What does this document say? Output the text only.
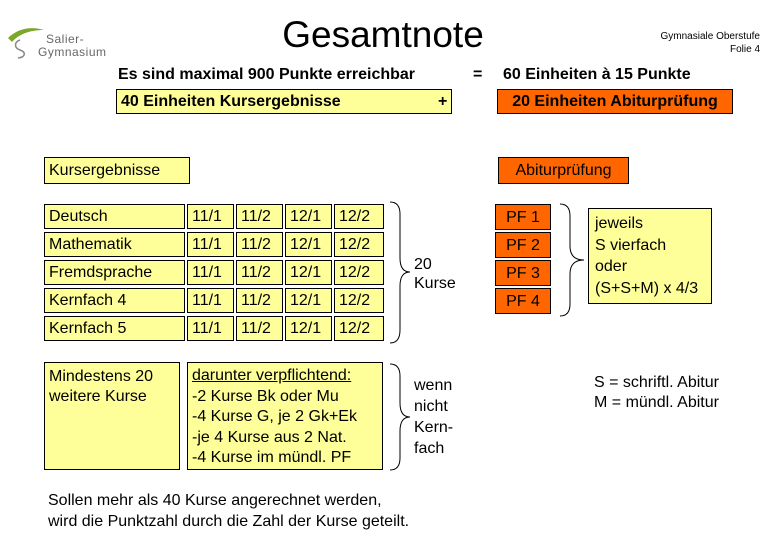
Salier-
Gymnasium	Gesamtnote	Gymnasiale Oberstufe
Folie 4
Es sind maximal 900 Punkte erreichbar	= 60 Einheiten à 15 Punkte
40 Einheiten Kursergebnisse	+	20 Einheiten Abiturprüfung
Kursergebnisse	Abiturprüfung
Deutsch	11/1	11/2	12/1	12/2
Mathematik	11/1	11/2	12/1	12/2
Fremdsprache	11/1	11/2	12/1	12/2
Kernfach 4	11/1	11/2	12/1	12/2
Kernfach 5	11/1	11/2	12/1	12/2
20
Kurse
PF 1
PF 2
PF 3
PF 4
jeweils
S vierfach
oder
(S+S+M) x 4/3
Mindestens 20
weitere Kurse
darunter verpflichtend:
-2 Kurse Bk oder Mu
-4 Kurse G, je 2 Gk+Ek
-je 4 Kurse aus 2 Nat.
-4 Kurse im mündl. PF
wenn
nicht
Kern-
fach
S = schriftl. Abitur
M = mündl. Abitur
Sollen mehr als 40 Kurse angerechnet werden,
wird die Punktzahl durch die Zahl der Kurse geteilt.
